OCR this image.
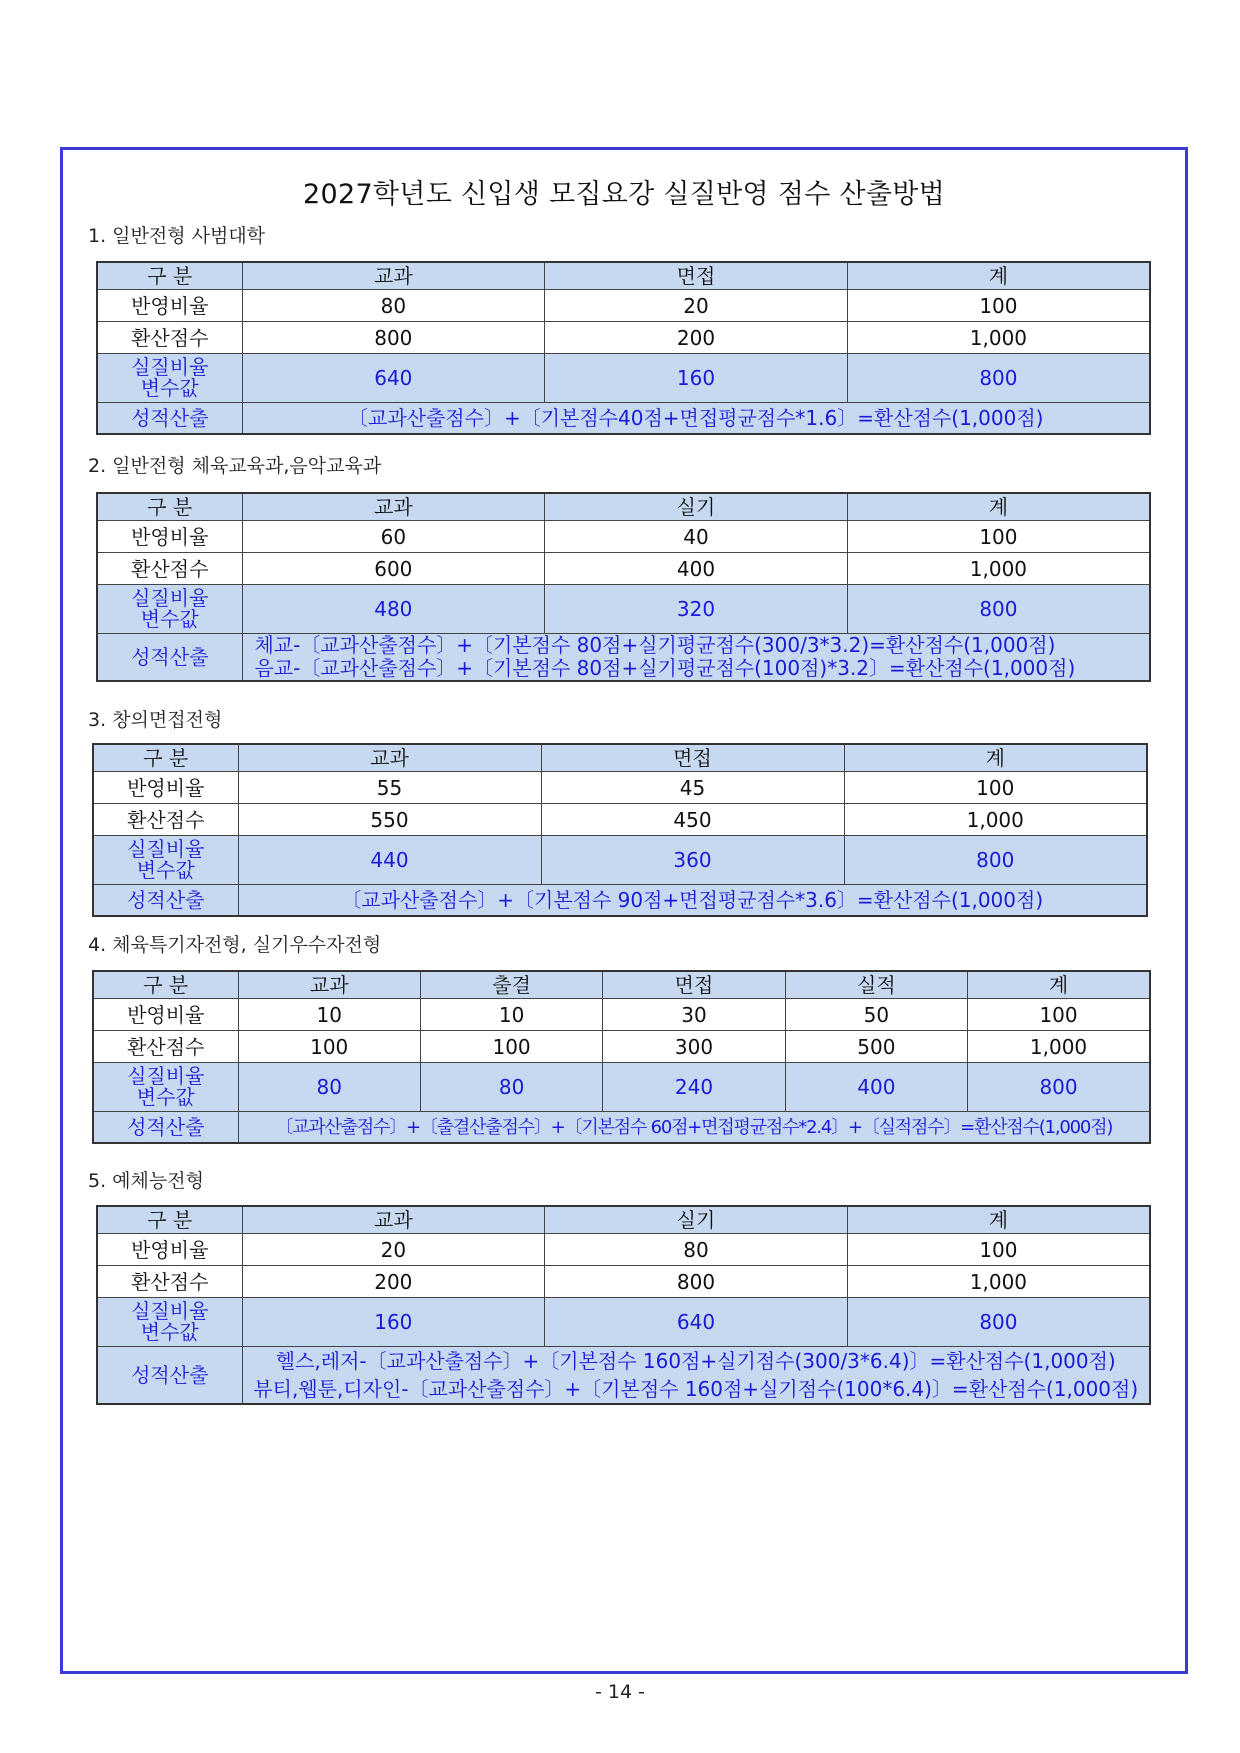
2027학년도 신입생 모집요강 실질반영 점수 산출방법
1. 일반전형 사범대학
구 분	교과	면접	계
반영비율	80	20	100
환산점수	800	200	1,000

실질비율
변수값	640	160	800
성적산출	〔교과산출점수〕+〔기본점수40점+면접평균점수*1.6〕=환산점수(1,000점)		
2. 일반전형 체육교육과,음악교육과
구 분	교과	실기	계
반영비율	60	40	100
환산점수	600	400	1,000

실질비율
변수값	480	320	800
성적산출	체교-〔교과산출점수〕+〔기본점수 80점+실기평균점수(300/3*3.2)=환산점수(1,000점)
음교-〔교과산출점수〕+〔기본점수 80점+실기평균점수(100점)*3.2〕=환산점수(1,000점)		
3. 창의면접전형
구 분	교과	면접	계
반영비율	55	45	100
환산점수	550	450	1,000

실질비율
변수값	440	360	800
성적산출	〔교과산출점수〕+〔기본점수 90점+면접평균점수*3.6〕=환산점수(1,000점)		
4. 체육특기자전형, 실기우수자전형
구 분	교과	출결	면접	실적	계
반영비율	10	10	30	50	100
환산점수	100	100	300	500	1,000

실질비율
변수값	80	80	240	400	800
성적산출	〔교과산출점수〕+〔출결산출점수〕+〔기본점수 60점+면접평균점수*2.4〕+〔실적점수〕=환산점수(1,000점)				
5. 예체능전형
구 분	교과	실기	계
반영비율	20	80	100
환산점수	200	800	1,000

실질비율
변수값	160	640	800
성적산출	헬스,레저-〔교과산출점수〕+〔기본점수 160점+실기점수(300/3*6.4)〕=환산점수(1,000점)
뷰티,웹툰,디자인-〔교과산출점수〕+〔기본점수 160점+실기점수(100*6.4)〕=환산점수(1,000점)		
- 14 -
